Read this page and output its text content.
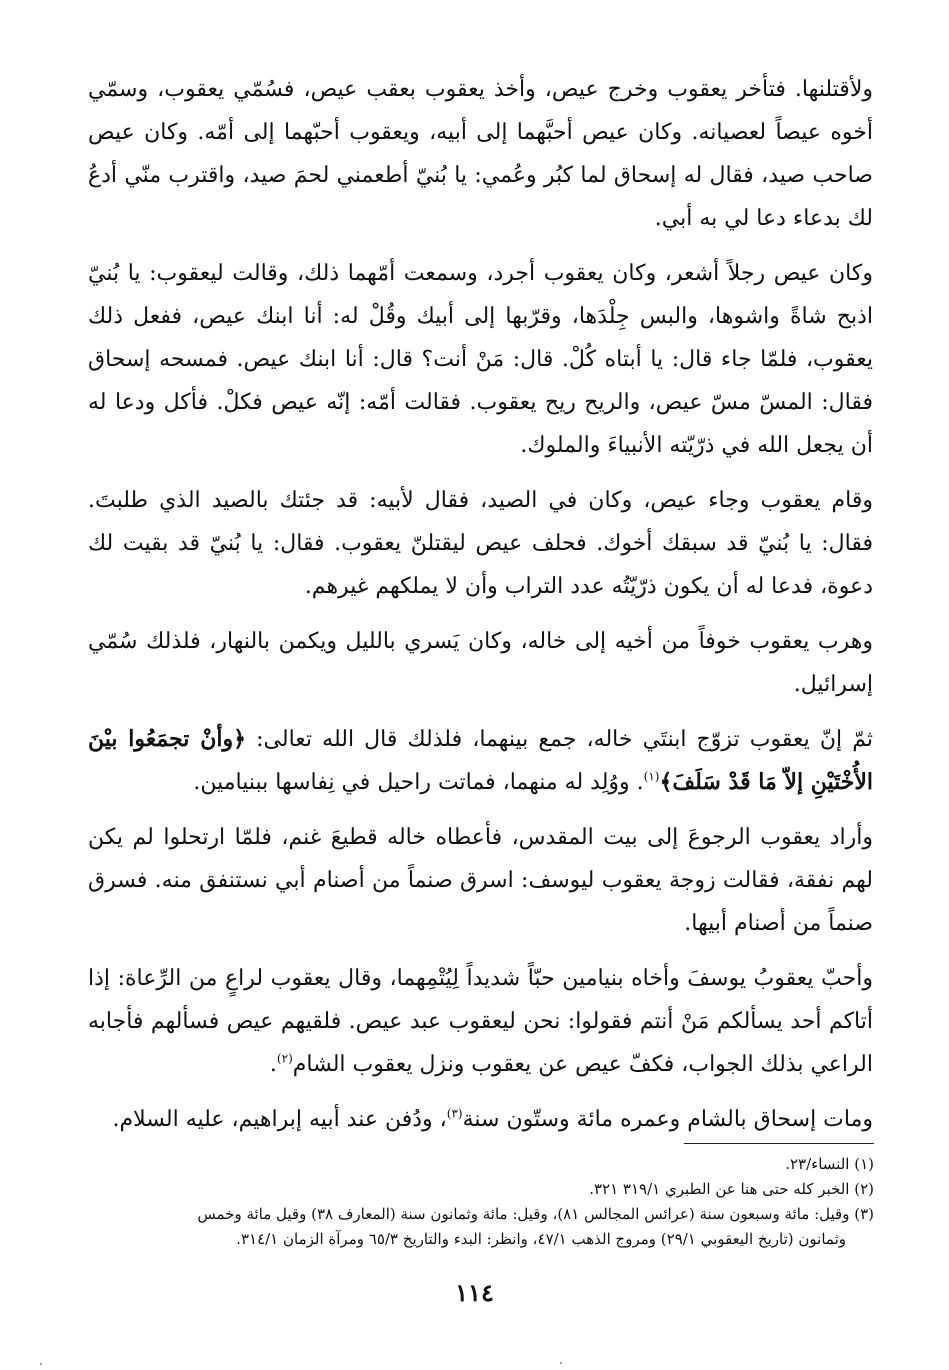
ولأقتلنها. فتأخر يعقوب وخرج عيص، وأخذ يعقوب بعقب عيص، فسُمّي يعقوب، وسمّي أخوه عيصاً لعصيانه. وكان عيص أحبَّهما إلى أبيه، ويعقوب أحبّهما إلى أمّه. وكان عيص صاحب صيد، فقال له إسحاق لما كبُر وعُمي: يا بُنيّ أطعمني لحمَ صيد، واقترب منّي أدعُ لك بدعاء دعا لي به أبي.

وكان عيص رجلاً أشعر، وكان يعقوب أجرد، وسمعت أمّهما ذلك، وقالت ليعقوب: يا بُنيّ اذبح شاةً واشوها، والبس جِلْدَها، وقرّبها إلى أبيك وقُلْ له: أنا ابنك عيص، ففعل ذلك يعقوب، فلمّا جاء قال: يا أبتاه كُلْ. قال: مَنْ أنت؟ قال: أنا ابنك عيص. فمسحه إسحاق فقال: المسّ مسّ عيص، والريح ريح يعقوب. فقالت أمّه: إنّه عيص فكلْ. فأكل ودعا له أن يجعل الله في ذرّيّته الأنبياءَ والملوك.

وقام يعقوب وجاء عيص، وكان في الصيد، فقال لأبيه: قد جئتك بالصيد الذي طلبتَ. فقال: يا بُنيّ قد سبقك أخوك. فحلف عيص ليقتلنّ يعقوب. فقال: يا بُنيّ قد بقيت لك دعوة، فدعا له أن يكون ذرّيّتُه عدد التراب وأن لا يملكهم غيرهم.

وهرب يعقوب خوفاً من أخيه إلى خاله، وكان يَسري بالليل ويكمن بالنهار، فلذلك سُمّي إسرائيل.

ثمّ إنّ يعقوب تزوّج ابنتَي خاله، جمع بينهما، فلذلك قال الله تعالى: ﴿وأنْ تجمَعُوا بيْنَ الأُخْتَيْنِ إلاّ مَا قَدْ سَلَفَ﴾$^{(١)}$. ووُلِد له منهما، فماتت راحيل في نِفاسها ببنيامين.

وأراد يعقوب الرجوعَ إلى بيت المقدس، فأعطاه خاله قطيعَ غنم، فلمّا ارتحلوا لم يكن لهم نفقة، فقالت زوجة يعقوب ليوسف: اسرق صنماً من أصنام أبي نستنفق منه. فسرق صنماً من أصنام أبيها.

وأحبّ يعقوبُ يوسفَ وأخاه بنيامين حبّاً شديداً لِيُتْمِهما، وقال يعقوب لراعٍ من الرِّعاة: إذا أتاكم أحد يسألكم مَنْ أنتم فقولوا: نحن ليعقوب عبد عيص. فلقيهم عيص فسألهم فأجابه الراعي بذلك الجواب، فكفّ عيص عن يعقوب ونزل يعقوب الشام$^{(٢)}$.

ومات إسحاق بالشام وعمره مائة وستّون سنة$^{(٣)}$، ودُفن عند أبيه إبراهيم، عليه السلام.

(١) النساء/٢٣.

(٢) الخبر كله حتى هنا عن الطبري ٣١٩/١ ٣٢١.

(٣) وقيل: مائة وسبعون سنة (عرائس المجالس ٨١)، وقيل: مائة وثمانون سنة (المعارف ٣٨) وقيل مائة وخمس

وثمانون (تاريخ اليعقوبي ٢٩/١) ومروج الذهب ٤٧/١، وانظر: البدء والتاريخ ٦٥/٣ ومرآة الزمان ٣١٤/١.

١١٤
